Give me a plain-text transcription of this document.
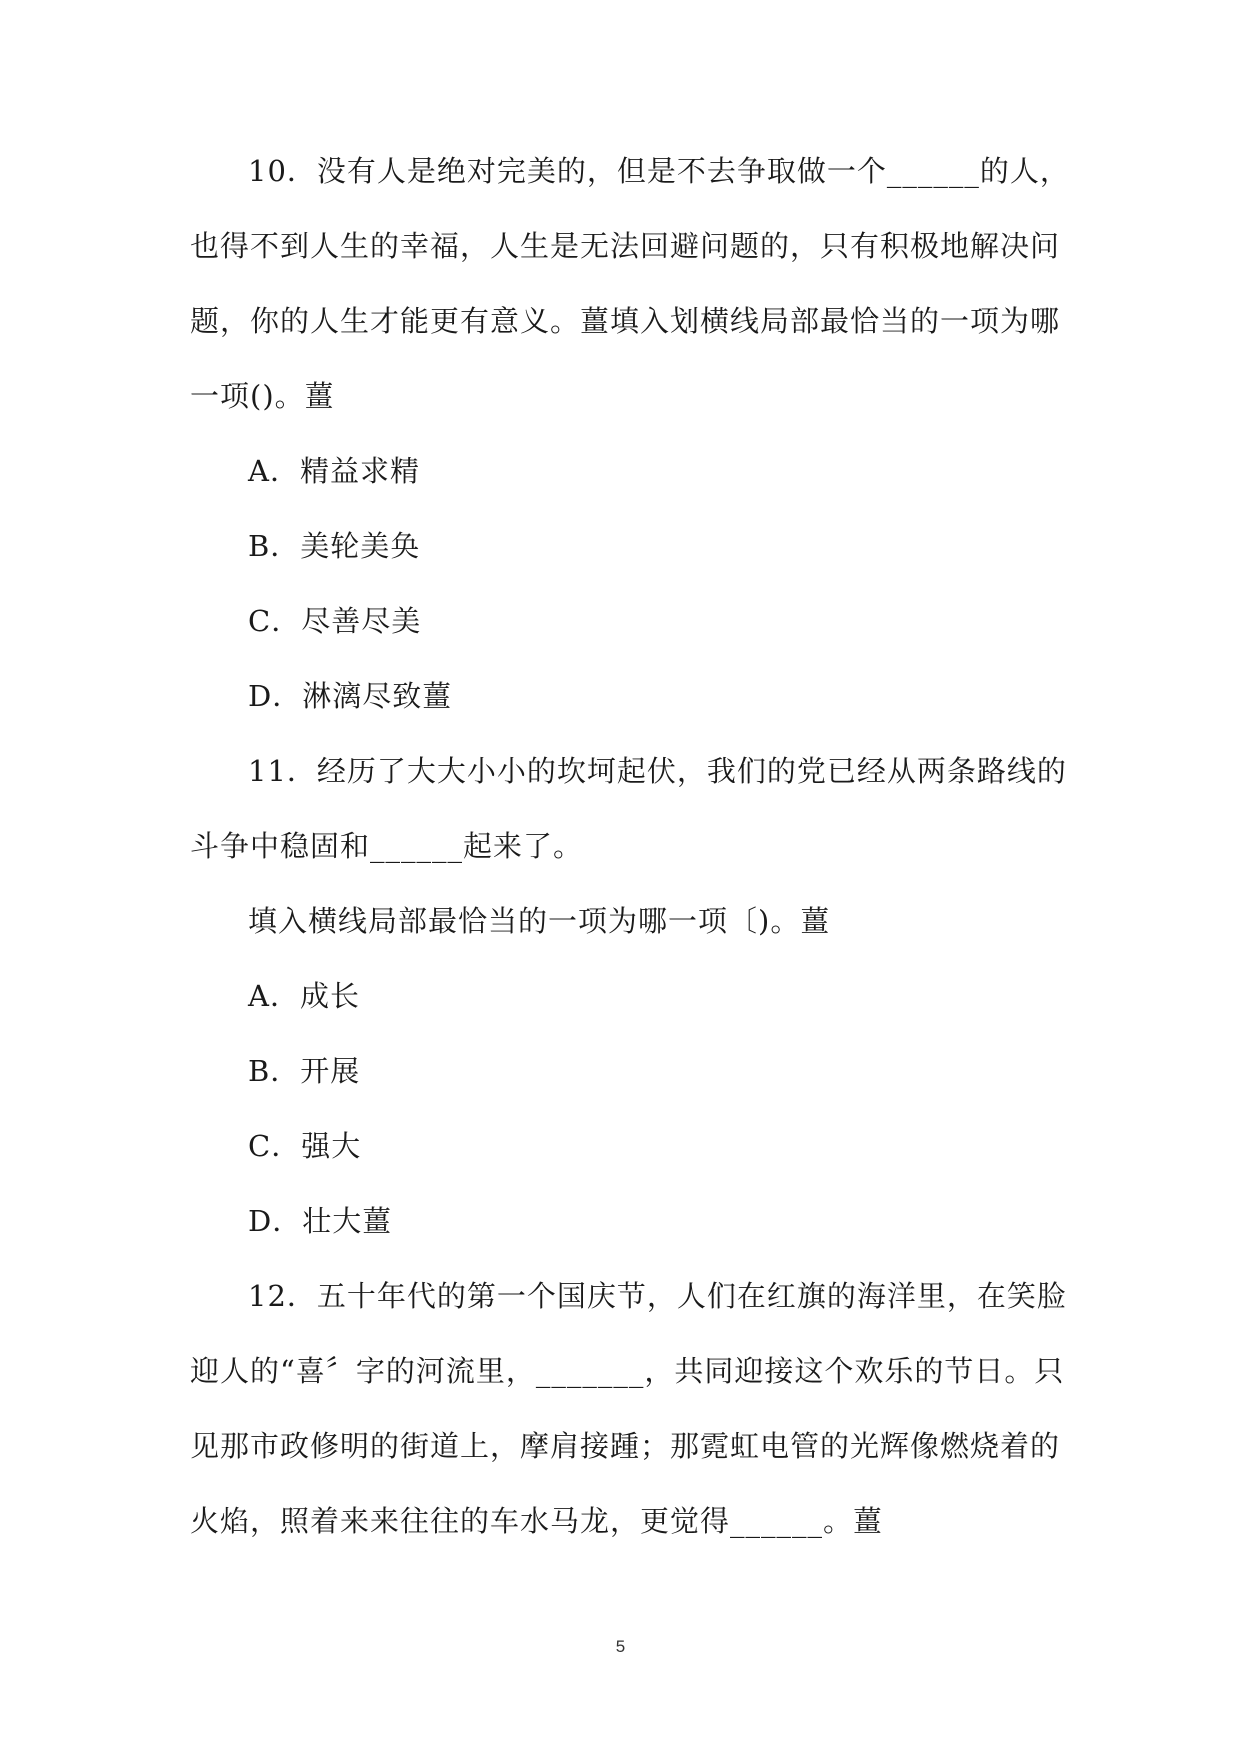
10．没有人是绝对完美的，但是不去争取做一个______的人，
也得不到人生的幸福，人生是无法回避问题的，只有积极地解决问
题，你的人生才能更有意义。薑填入划横线局部最恰当的一项为哪
一项()。薑
A．精益求精
B．美轮美奂
C．尽善尽美
D．淋漓尽致薑
11．经历了大大小小的坎坷起伏，我们的党已经从两条路线的
斗争中稳固和______起来了。
填入横线局部最恰当的一项为哪一项〔)。薑
A．成长
B．开展
C．强大
D．壮大薑
12．五十年代的第一个国庆节，人们在红旗的海洋里，在笑脸
迎人的“喜〞字的河流里，_______，共同迎接这个欢乐的节日。只
见那市政修明的街道上，摩肩接踵；那霓虹电管的光辉像燃烧着的
火焰，照着来来往往的车水马龙，更觉得______。薑
5
